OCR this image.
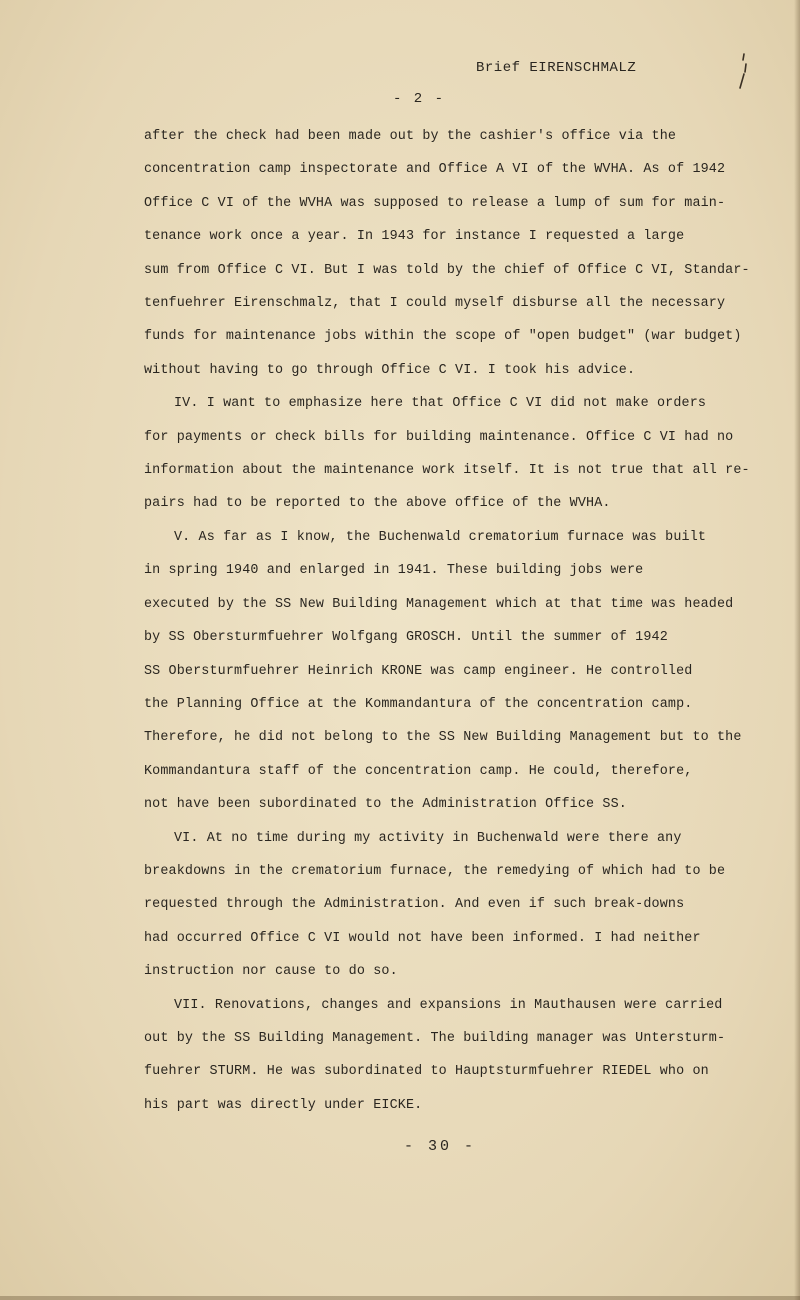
Brief EIRENSCHMALZ
- 2 -
after the check had been made out by the cashier's office via the
concentration camp inspectorate and Office A VI of the WVHA. As of 1942
Office C VI of the WVHA was supposed to release a lump of sum for main-
tenance work once a year. In 1943 for instance I requested a large
sum from Office C VI. But I was told by the chief of Office C VI, Standar-
tenfuehrer Eirenschmalz, that I could myself disburse all the necessary
funds for maintenance jobs within the scope of "open budget" (war budget)
without having to go through Office C VI. I took his advice.
IV. I want to emphasize here that Office C VI did not make orders
for payments or check bills for building maintenance. Office C VI had no
information about the maintenance work itself. It is not true that all re-
pairs had to be reported to the above office of the WVHA.
V. As far as I know, the Buchenwald crematorium furnace was built
in spring 1940 and enlarged in 1941. These building jobs were
executed by the SS New Building Management which at that time was headed
by SS Obersturmfuehrer Wolfgang GROSCH. Until the summer of 1942
SS Obersturmfuehrer Heinrich KRONE was camp engineer. He controlled
the Planning Office at the Kommandantura of the concentration camp.
Therefore, he did not belong to the SS New Building Management but to the
Kommandantura staff of the concentration camp. He could, therefore,
not have been subordinated to the Administration Office SS.
VI. At no time during my activity in Buchenwald were there any
breakdowns in the crematorium furnace, the remedying of which had to be
requested through the Administration. And even if such break-downs
had occurred Office C VI would not have been informed. I had neither
instruction nor cause to do so.
VII. Renovations, changes and expansions in Mauthausen were carried
out by the SS Building Management. The building manager was Untersturm-
fuehrer STURM. He was subordinated to Hauptsturmfuehrer RIEDEL who on
his part was directly under EICKE.
- 30 -
